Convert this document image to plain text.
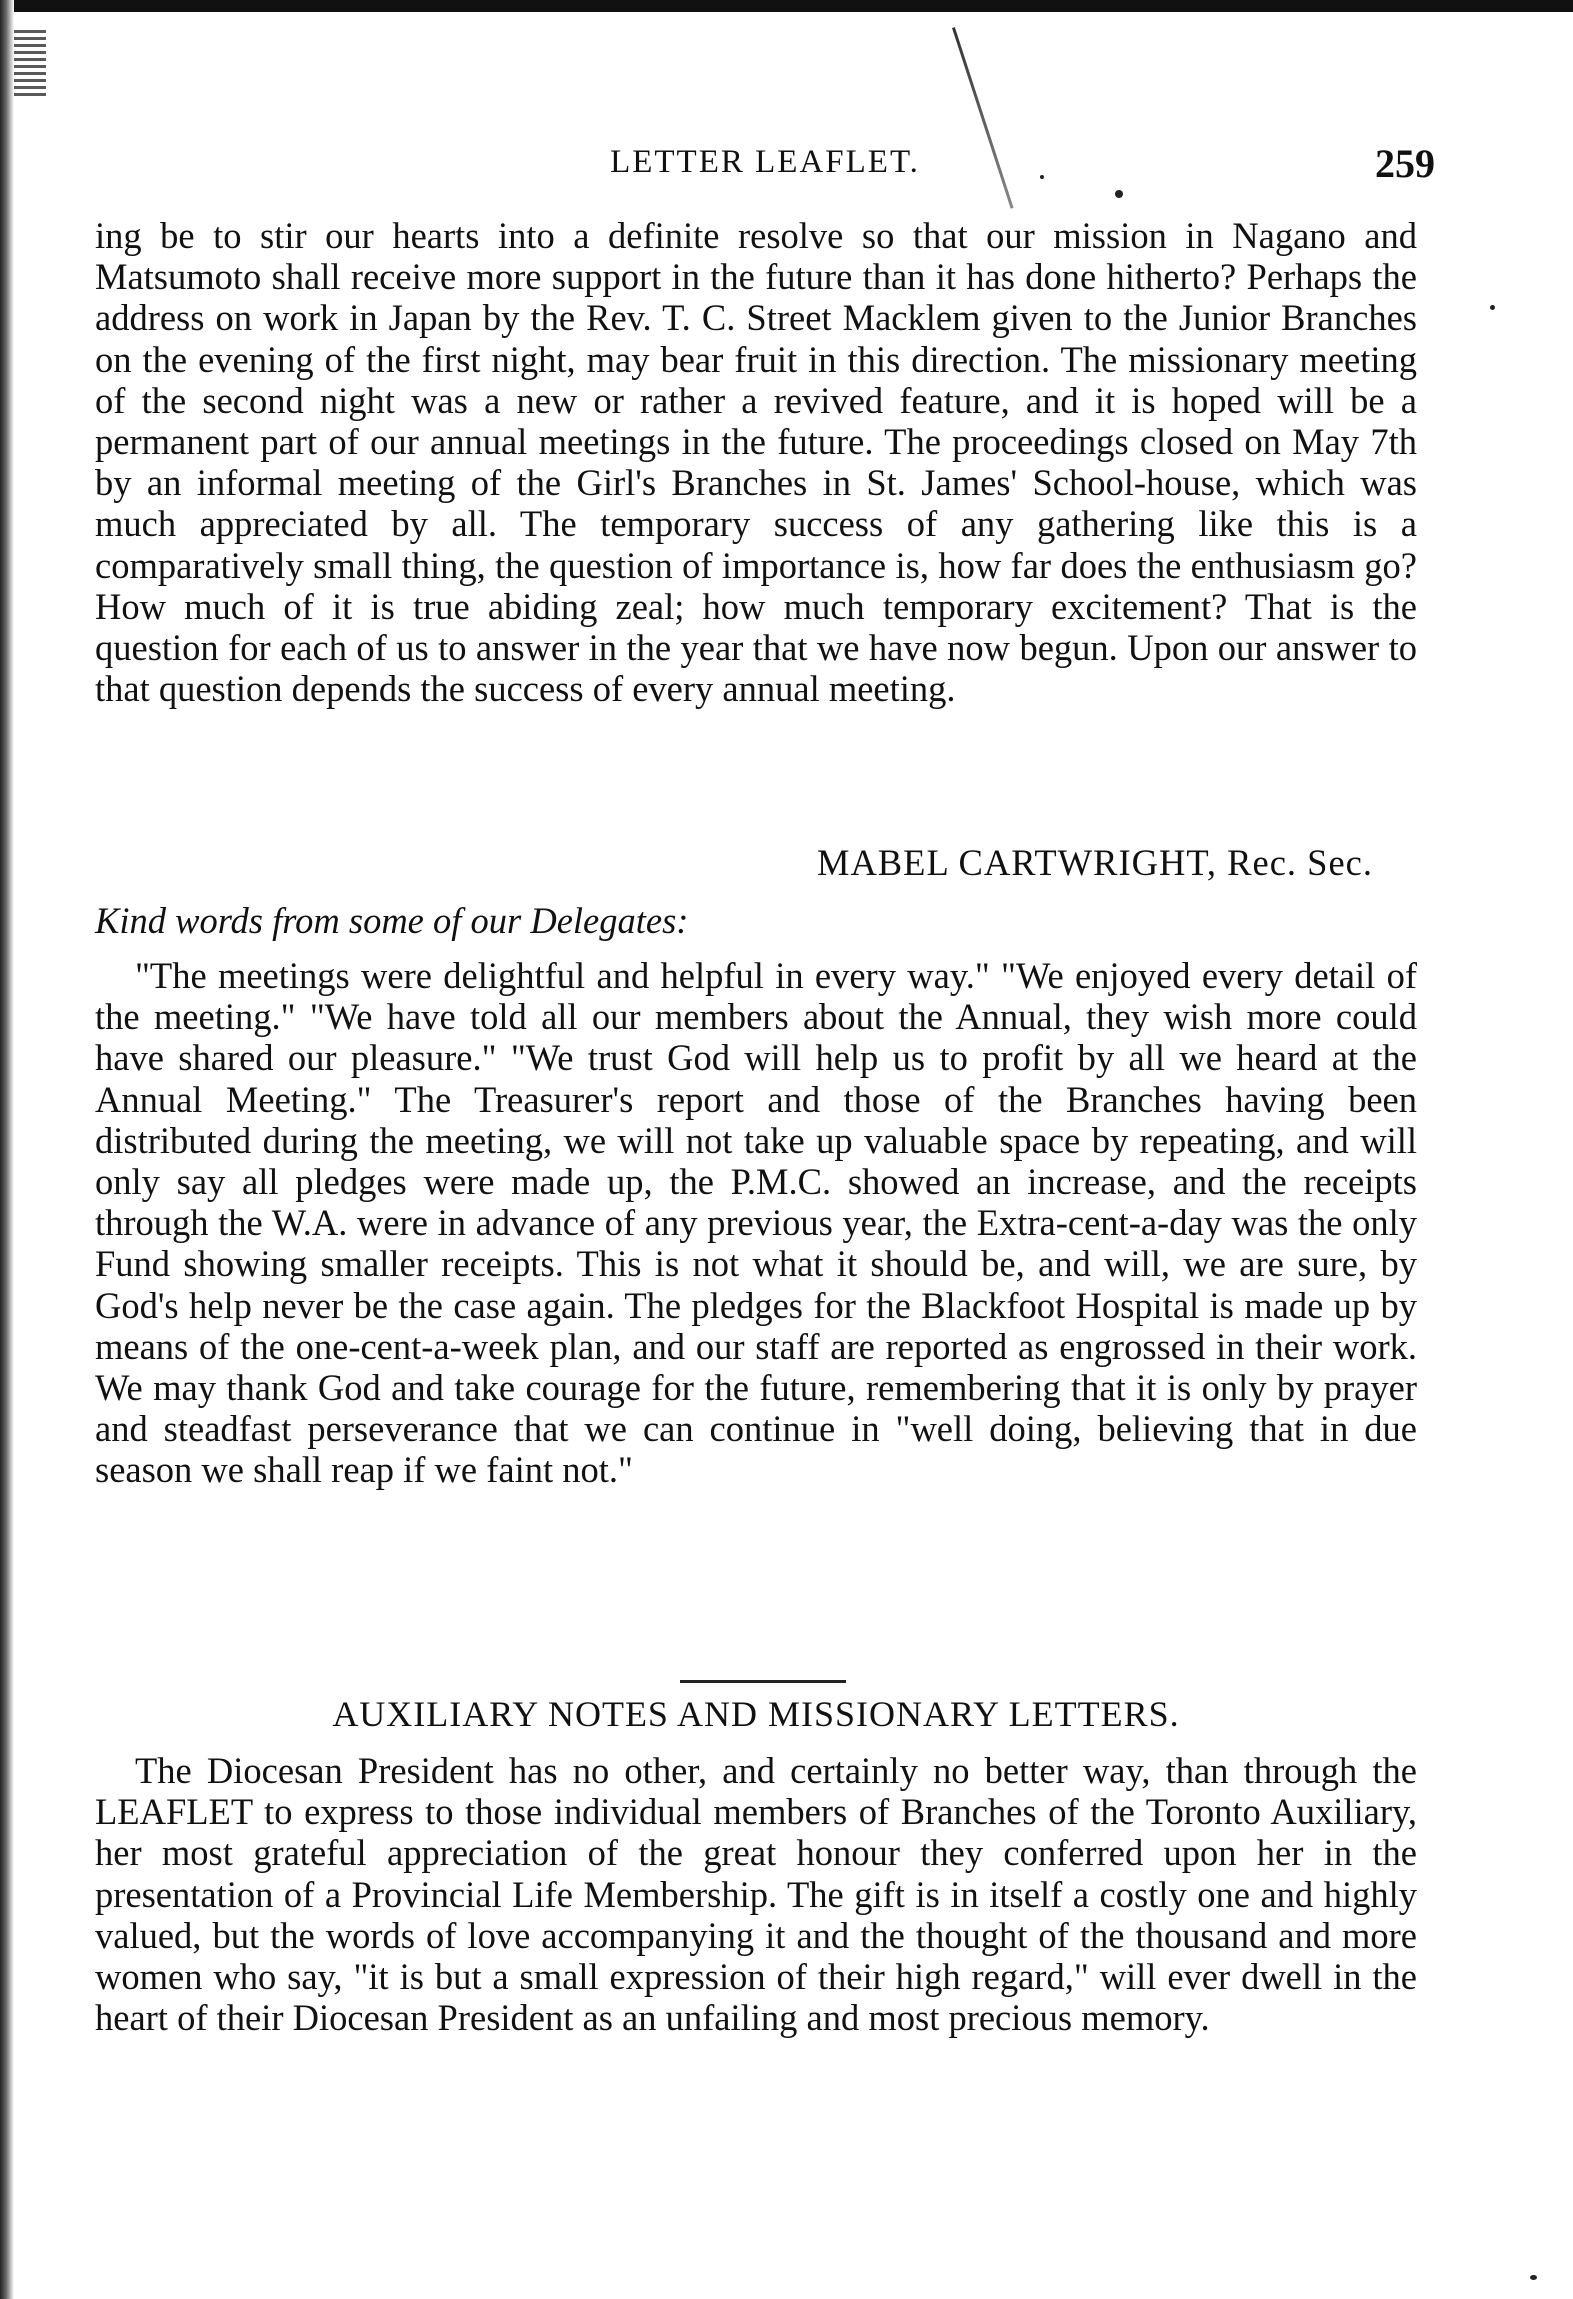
LETTER LEAFLET.	259

ing be to stir our hearts into a definite resolve so that our mission in Nagano and Matsumoto shall receive more support in the future than it has done hitherto? Perhaps the address on work in Japan by the Rev. T. C. Street Macklem given to the Junior Branches on the evening of the first night, may bear fruit in this direction. The missionary meeting of the second night was a new or rather a revived feature, and it is hoped will be a permanent part of our annual meetings in the future. The proceedings closed on May 7th by an informal meeting of the Girl's Branches in St. James' School-house, which was much appreciated by all. The temporary success of any gathering like this is a comparatively small thing, the question of importance is, how far does the enthusiasm go? How much of it is true abiding zeal; how much temporary excitement? That is the question for each of us to answer in the year that we have now begun. Upon our answer to that question depends the success of every annual meeting.

MABEL CARTWRIGHT, Rec. Sec.
Kind words from some of our Delegates:

"The meetings were delightful and helpful in every way." "We enjoyed every detail of the meeting." "We have told all our members about the Annual, they wish more could have shared our pleasure." "We trust God will help us to profit by all we heard at the Annual Meeting." The Treasurer's report and those of the Branches having been distributed during the meeting, we will not take up valuable space by repeating, and will only say all pledges were made up, the P.M.C. showed an increase, and the receipts through the W.A. were in advance of any previous year, the Extra-cent-a-day was the only Fund showing smaller receipts. This is not what it should be, and will, we are sure, by God's help never be the case again. The pledges for the Blackfoot Hospital is made up by means of the one-cent-a-week plan, and our staff are reported as engrossed in their work. We may thank God and take courage for the future, remembering that it is only by prayer and steadfast perseverance that we can continue in "well doing, believing that in due season we shall reap if we faint not."

AUXILIARY NOTES AND MISSIONARY LETTERS.

The Diocesan President has no other, and certainly no better way, than through the LEAFLET to express to those individual members of Branches of the Toronto Auxiliary, her most grateful appreciation of the great honour they conferred upon her in the presentation of a Provincial Life Membership. The gift is in itself a costly one and highly valued, but the words of love accompanying it and the thought of the thousand and more women who say, "it is but a small expression of their high regard," will ever dwell in the heart of their Diocesan President as an unfailing and most precious memory.
